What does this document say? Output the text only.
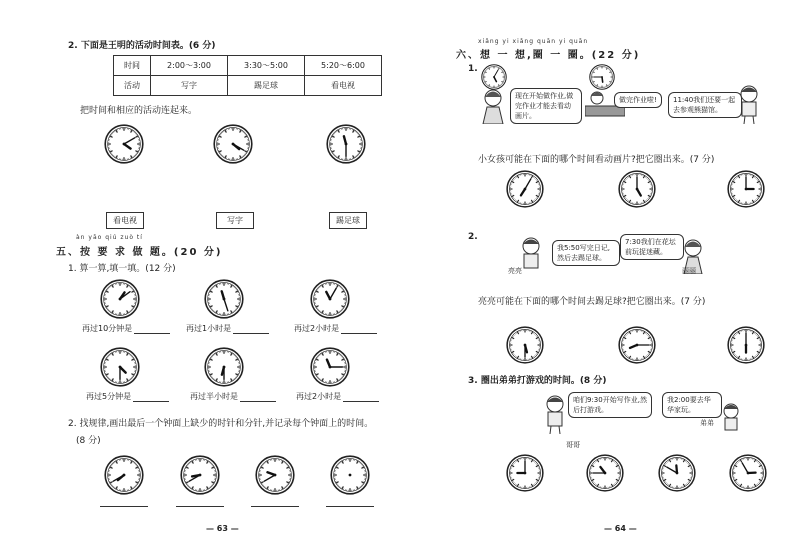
2. 下面是王明的活动时间表。(6 分)
时间	2:00～3:00	3:30～5:00	5:20～6:00
活动	写字	踢足球	看电视
把时间和相应的活动连起来。
看电视	写字	踢足球
àn yāo qiú zuò tí
五、按 要 求 做 题。(20 分)
1. 算一算,填一填。(12 分)
再过10分钟是	再过1小时是	再过2小时是
再过5分钟是	再过半小时是	再过2小时是
2. 找规律,画出最后一个钟面上缺少的时针和分针,并记录每个钟面上的时间。
(8 分)
— 63 —
xiǎng yi xiǎng quān yi quān
六、想 一 想,圈 一 圈。(22 分)
1.
现在开始做作业,做完作业才能去看动画片。
做完作业啦!	11:40我们还要一起去参观熊猫馆。
小女孩可能在下面的哪个时间看动画片?把它圈出来。(7 分)
2.
亮亮
我5:50写完日记,然后去踢足球。
7:30我们在花坛前玩捉迷藏。
丽丽
亮亮可能在下面的哪个时间去踢足球?把它圈出来。(7 分)
3. 圈出弟弟打游戏的时间。(8 分)
哥哥
咱们9:30开始写作业,然后打游戏。
我2:00要去华华家玩。
弟弟
— 64 —
